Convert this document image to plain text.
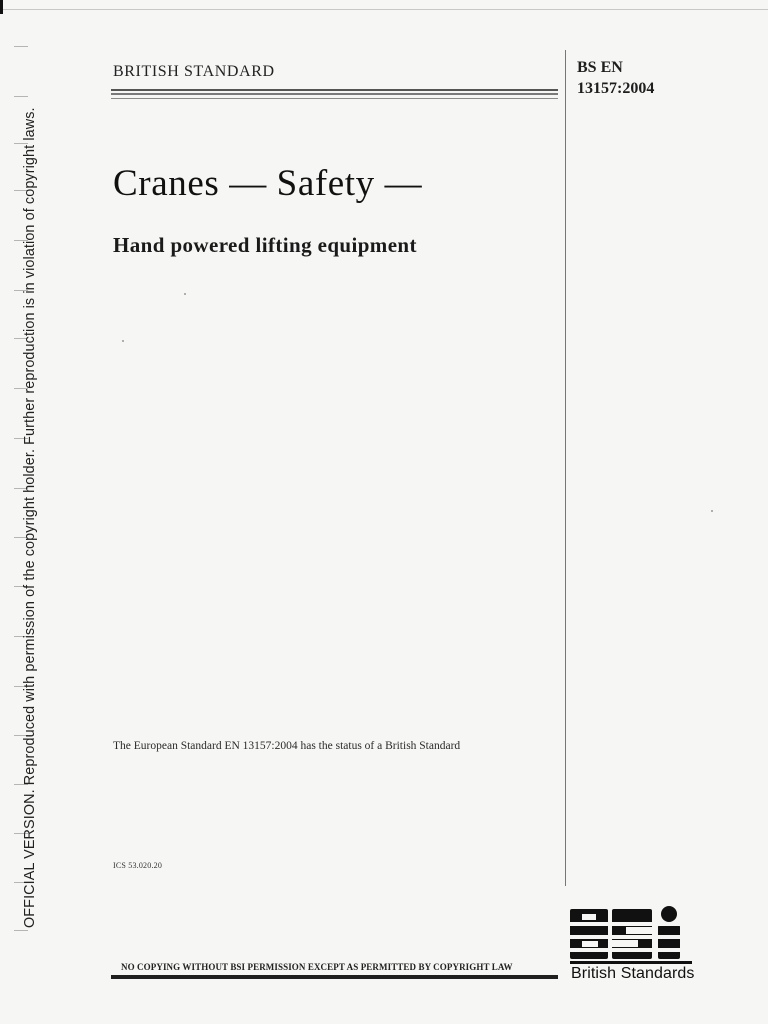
OFFICIAL VERSION. Reproduced with permission of the copyright holder. Further reproduction is in violation of copyright laws.
BRITISH STANDARD	BS EN
13157:2004
Cranes — Safety —
Hand powered lifting equipment
The European Standard EN 13157:2004 has the status of a British Standard
ICS 53.020.20
NO COPYING WITHOUT BSI PERMISSION EXCEPT AS PERMITTED BY COPYRIGHT LAW	British Standards
